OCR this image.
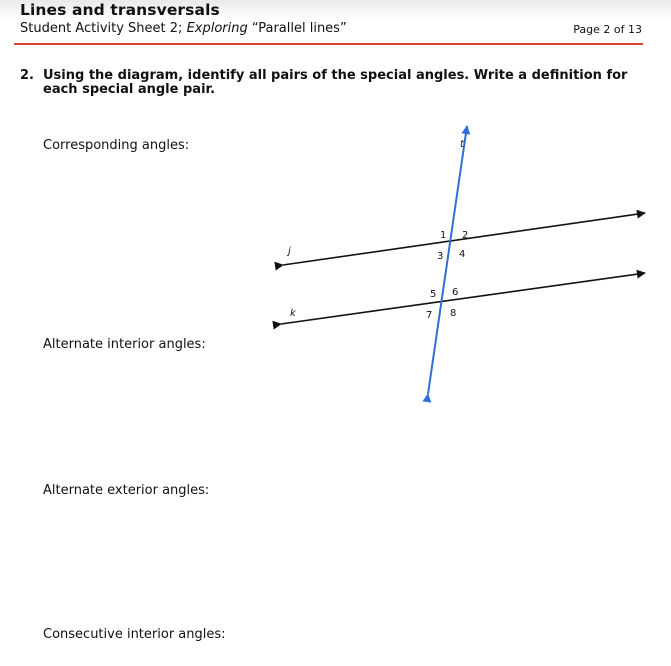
Lines and transversals
Student Activity Sheet 2; Exploring “Parallel lines”	Page 2 of 13
2. Using the diagram, identify all pairs of the special angles. Write a definition for each special angle pair.
Corresponding angles:
Alternate interior angles:
Alternate exterior angles:
Consecutive interior angles:
t
j
k
1 2
3 4
5 6
7 8
